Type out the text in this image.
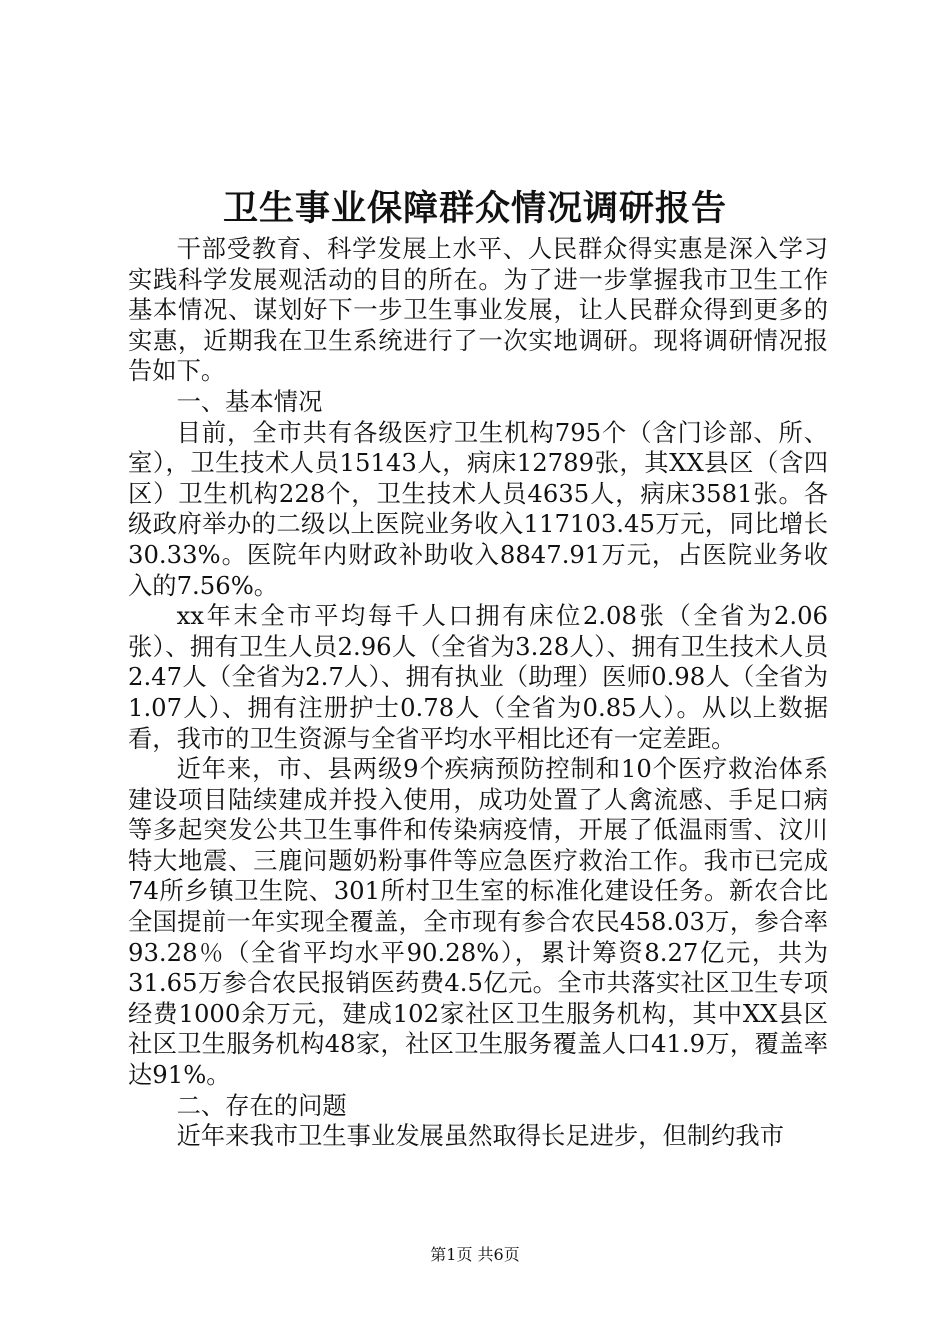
卫生事业保障群众情况调研报告

干部受教育、科学发展上水平、人民群众得实惠是深入学习实践科学发展观活动的目的所在。为了进一步掌握我市卫生工作基本情况、谋划好下一步卫生事业发展，让人民群众得到更多的实惠，近期我在卫生系统进行了一次实地调研。现将调研情况报告如下。

一、基本情况

目前，全市共有各级医疗卫生机构795个（含门诊部、所、室），卫生技术人员15143人，病床12789张，其XX县区（含四区）卫生机构228个，卫生技术人员4635人，病床3581张。各级政府举办的二级以上医院业务收入117103.45万元，同比增长30.33%。医院年内财政补助收入8847.91万元，占医院业务收入的7.56%。

xx年末全市平均每千人口拥有床位2.08张（全省为2.06张）、拥有卫生人员2.96人（全省为3.28人）、拥有卫生技术人员2.47人（全省为2.7人）、拥有执业（助理）医师0.98人（全省为1.07人）、拥有注册护士0.78人（全省为0.85人）。从以上数据看，我市的卫生资源与全省平均水平相比还有一定差距。

近年来，市、县两级9个疾病预防控制和10个医疗救治体系建设项目陆续建成并投入使用，成功处置了人禽流感、手足口病等多起突发公共卫生事件和传染病疫情，开展了低温雨雪、汶川特大地震、三鹿问题奶粉事件等应急医疗救治工作。我市已完成74所乡镇卫生院、301所村卫生室的标准化建设任务。新农合比全国提前一年实现全覆盖，全市现有参合农民458.03万，参合率93.28％（全省平均水平90.28%），累计筹资8.27亿元，共为31.65万参合农民报销医药费4.5亿元。全市共落实社区卫生专项经费1000余万元，建成102家社区卫生服务机构，其中XX县区社区卫生服务机构48家，社区卫生服务覆盖人口41.9万，覆盖率达91%。

二、存在的问题

近年来我市卫生事业发展虽然取得长足进步，但制约我市

第1页 共6页
